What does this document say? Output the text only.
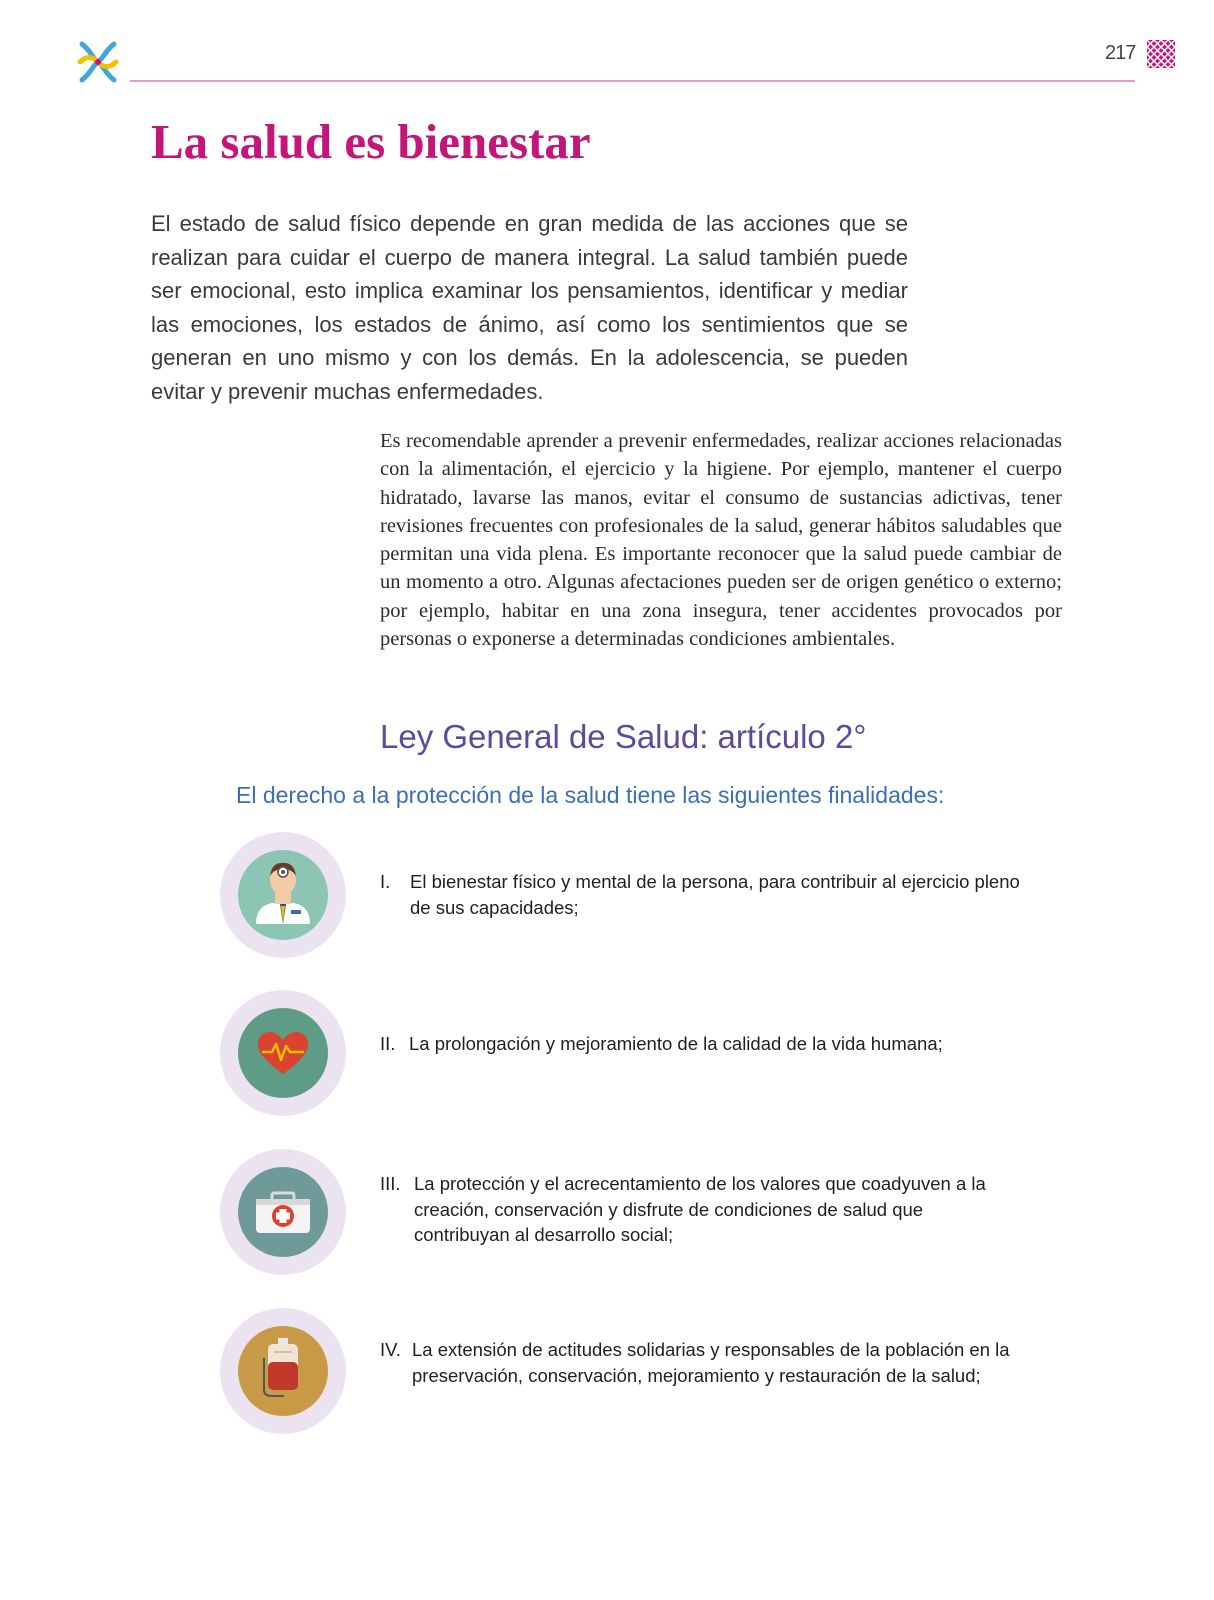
217
La salud es bienestar

El estado de salud físico depende en gran medida de las acciones que se realizan para cuidar el cuerpo de manera integral. La salud también puede ser emocional, esto implica examinar los pensamientos, identificar y mediar las emociones, los estados de ánimo, así como los sentimientos que se generan en uno mismo y con los demás. En la adolescencia, se pueden evitar y prevenir muchas enfermedades.

Es recomendable aprender a prevenir enfermedades, realizar acciones relacionadas con la alimentación, el ejercicio y la higiene. Por ejemplo, mantener el cuerpo hidratado, lavarse las manos, evitar el consumo de sustancias adictivas, tener revisiones frecuentes con profesionales de la salud, generar hábitos saludables que permitan una vida plena. Es importante reconocer que la salud puede cambiar de un momento a otro. Algunas afectaciones pueden ser de origen genético o externo; por ejemplo, habitar en una zona insegura, tener accidentes provocados por personas o exponerse a determinadas condiciones ambientales.

Ley General de Salud: artículo 2°
El derecho a la protección de la salud tiene las siguientes finalidades:
I. El bienestar físico y mental de la persona, para contribuir al ejercicio pleno de sus capacidades;
II. La prolongación y mejoramiento de la calidad de la vida humana;
III. La protección y el acrecentamiento de los valores que coadyuven a la creación, conservación y disfrute de condiciones de salud que contribuyan al desarrollo social;
IV. La extensión de actitudes solidarias y responsables de la población en la preservación, conservación, mejoramiento y restauración de la salud;
